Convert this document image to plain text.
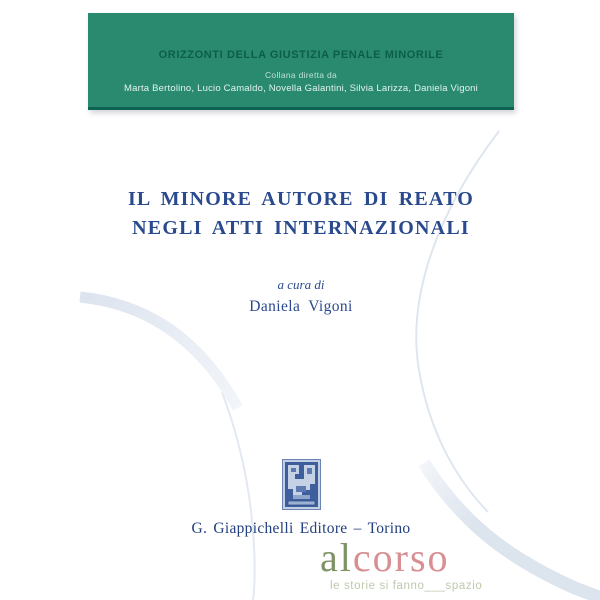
ORIZZONTI DELLA GIUSTIZIA PENALE MINORILE
Collana diretta da
Marta Bertolino, Lucio Camaldo, Novella Galantini, Silvia Larizza, Daniela Vigoni
IL MINORE AUTORE DI REATO
NEGLI ATTI INTERNAZIONALI
a cura di
Daniela Vigoni
G. Giappichelli Editore – Torino
alcorso
le storie si fanno___spazio
